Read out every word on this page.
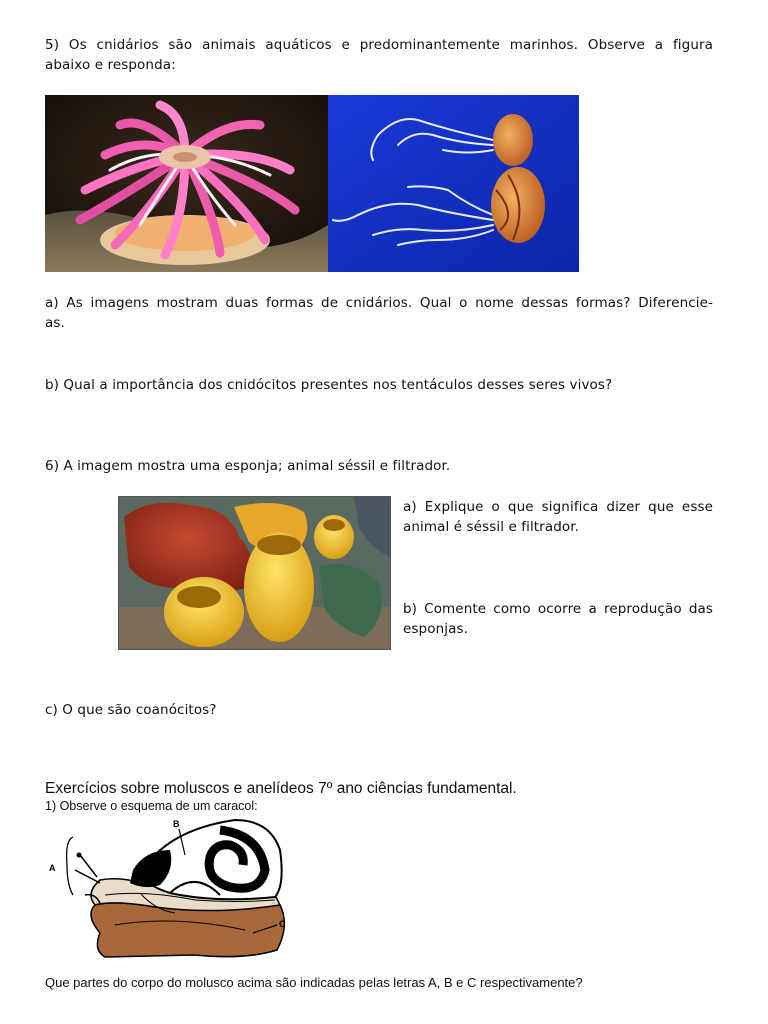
5) Os cnidários são animais aquáticos e predominantemente marinhos. Observe a figura
abaixo e responda:
a) As imagens mostram duas formas de cnidários. Qual o nome dessas formas? Diferencie-
as.
b) Qual a importância dos cnidócitos presentes nos tentáculos desses seres vivos?
6) A imagem mostra uma esponja; animal séssil e filtrador.
a) Explique o que significa dizer que esse
animal é séssil e filtrador.
b) Comente como ocorre a reprodução das
esponjas.
c) O que são coanócitos?
Exercícios sobre moluscos e anelídeos 7º ano ciências fundamental.
1) Observe o esquema de um caracol:
A
B
C
Que partes do corpo do molusco acima são indicadas pelas letras A, B e C respectivamente?
